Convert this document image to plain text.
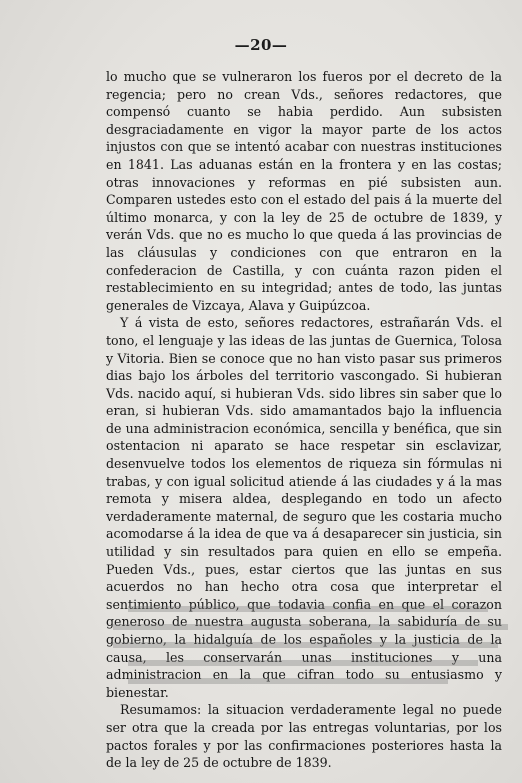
—20—

lo mucho que se vulneraron los fueros por el decreto de la regencia; pero no crean Vds., señores redactores, que compensó cuanto se habia perdido. Aun subsisten desgraciadamente en vigor la mayor parte de los actos injustos con que se intentó acabar con nuestras instituciones en 1841. Las aduanas están en la frontera y en las costas; otras innovaciones y reformas en pié subsisten aun. Comparen ustedes esto con el estado del pais á la muerte del último monarca, y con la ley de 25 de octubre de 1839, y verán Vds. que no es mucho lo que queda á las provincias de las cláusulas y condiciones con que entraron en la confederacion de Castilla, y con cuánta razon piden el restablecimiento en su integridad; antes de todo, las juntas generales de Vizcaya, Alava y Guipúzcoa.

Y á vista de esto, señores redactores, estrañarán Vds. el tono, el lenguaje y las ideas de las juntas de Guernica, Tolosa y Vitoria. Bien se conoce que no han visto pasar sus primeros dias bajo los árboles del territorio vascongado. Si hubieran Vds. nacido aquí, si hubieran Vds. sido libres sin saber que lo eran, si hubieran Vds. sido amamantados bajo la influencia de una administracion económica, sencilla y benéfica, que sin ostentacion ni aparato se hace respetar sin esclavizar, desenvuelve todos los elementos de riqueza sin fórmulas ni trabas, y con igual solicitud atiende á las ciudades y á la mas remota y misera aldea, desplegando en todo un afecto verdaderamente maternal, de seguro que les costaria mucho acomodarse á la idea de que va á desaparecer sin justicia, sin utilidad y sin resultados para quien en ello se empeña. Pueden Vds., pues, estar ciertos que las juntas en sus acuerdos no han hecho otra cosa que interpretar el sentimiento público, que todavia confia en que el corazon generoso de nuestra augusta soberana, la sabiduría de su gobierno, la hidalguía de los españoles y la justicia de la causa, les conservarán unas instituciones y una administracion en la que cifran todo su entusiasmo y bienestar.

Resumamos: la situacion verdaderamente legal no puede ser otra que la creada por las entregas voluntarias, por los pactos forales y por las confirmaciones posteriores hasta la de la ley de 25 de octubre de 1839.
